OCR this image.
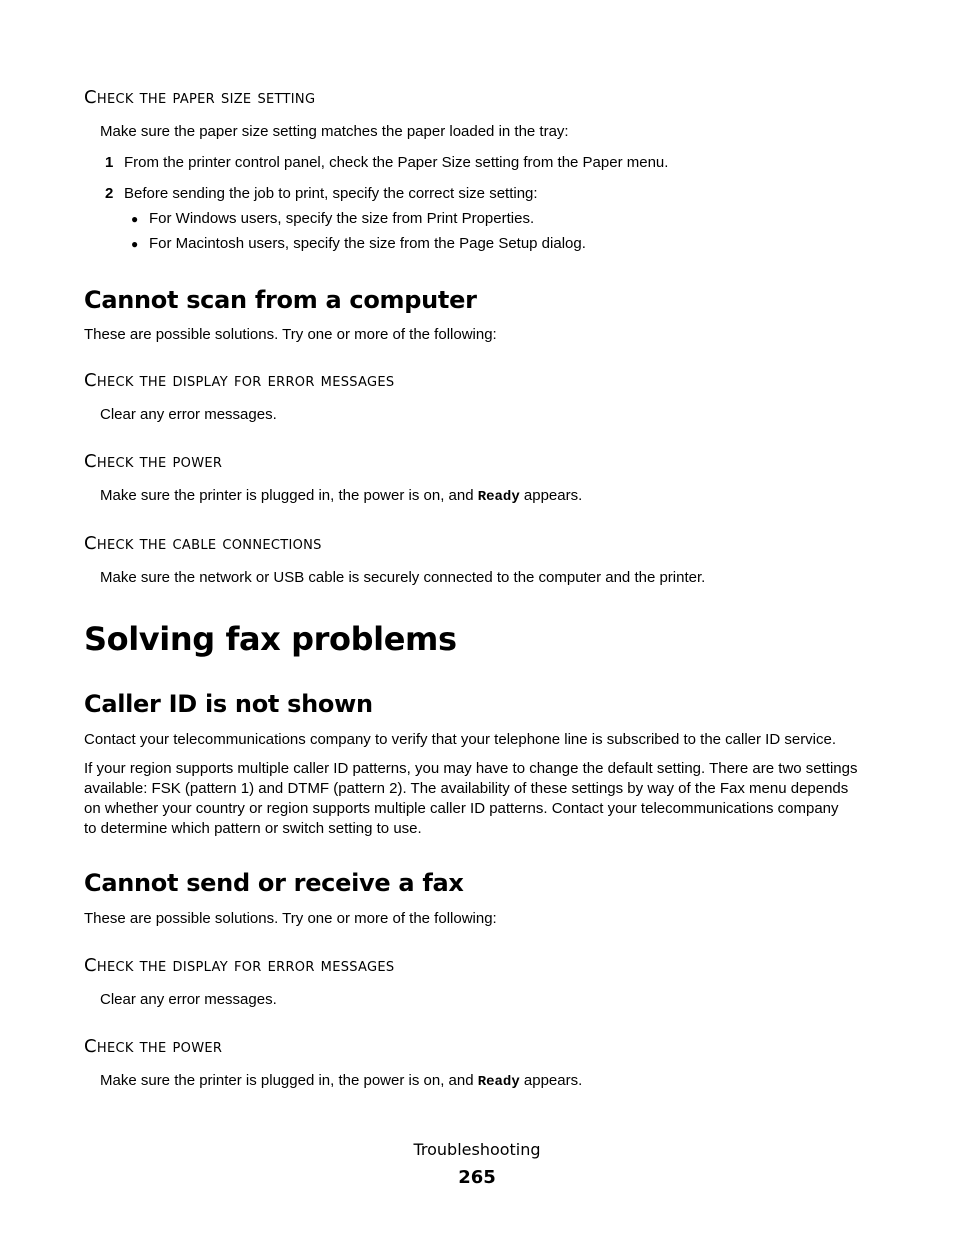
Check the paper size setting
Make sure the paper size setting matches the paper loaded in the tray:
1 From the printer control panel, check the Paper Size setting from the Paper menu.
2 Before sending the job to print, specify the correct size setting:
● For Windows users, specify the size from Print Properties.
● For Macintosh users, specify the size from the Page Setup dialog.
Cannot scan from a computer
These are possible solutions. Try one or more of the following:
Check the display for error messages
Clear any error messages.
Check the power
Make sure the printer is plugged in, the power is on, and Ready appears.
Check the cable connections
Make sure the network or USB cable is securely connected to the computer and the printer.
Solving fax problems
Caller ID is not shown
Contact your telecommunications company to verify that your telephone line is subscribed to the caller ID service.
If your region supports multiple caller ID patterns, you may have to change the default setting. There are two settings
available: FSK (pattern 1) and DTMF (pattern 2). The availability of these settings by way of the Fax menu depends
on whether your country or region supports multiple caller ID patterns. Contact your telecommunications company
to determine which pattern or switch setting to use.
Cannot send or receive a fax
These are possible solutions. Try one or more of the following:
Check the display for error messages
Clear any error messages.
Check the power
Make sure the printer is plugged in, the power is on, and Ready appears.
Troubleshooting
265
